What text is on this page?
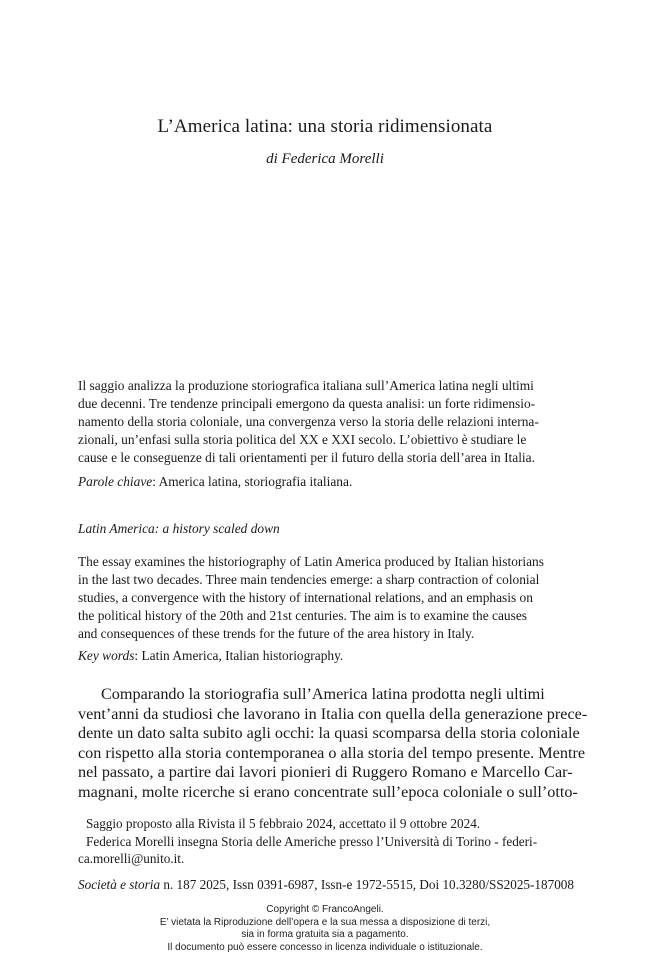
L’America latina: una storia ridimensionata
di Federica Morelli
Il saggio analizza la produzione storiografica italiana sull’America latina negli ultimi
due decenni. Tre tendenze principali emergono da questa analisi: un forte ridimensio-
namento della storia coloniale, una convergenza verso la storia delle relazioni interna-
zionali, un’enfasi sulla storia politica del XX e XXI secolo. L’obiettivo è studiare le
cause e le conseguenze di tali orientamenti per il futuro della storia dell’area in Italia.
Parole chiave: America latina, storiografia italiana.
Latin America: a history scaled down
The essay examines the historiography of Latin America produced by Italian historians
in the last two decades. Three main tendencies emerge: a sharp contraction of colonial
studies, a convergence with the history of international relations, and an emphasis on
the political history of the 20th and 21st centuries. The aim is to examine the causes
and consequences of these trends for the future of the area history in Italy.
Key words: Latin America, Italian historiography.
Comparando la storiografia sull’America latina prodotta negli ultimi
vent’anni da studiosi che lavorano in Italia con quella della generazione prece-
dente un dato salta subito agli occhi: la quasi scomparsa della storia coloniale
con rispetto alla storia contemporanea o alla storia del tempo presente. Mentre
nel passato, a partire dai lavori pionieri di Ruggero Romano e Marcello Car-
magnani, molte ricerche si erano concentrate sull’epoca coloniale o sull’otto-
Saggio proposto alla Rivista il 5 febbraio 2024, accettato il 9 ottobre 2024.
Federica Morelli insegna Storia delle Americhe presso l’Università di Torino - federi-
ca.morelli@unito.it.
Società e storia n. 187 2025, Issn 0391-6987, Issn-e 1972-5515, Doi 10.3280/SS2025-187008
Copyright © FrancoAngeli.
E’ vietata la Riproduzione dell’opera e la sua messa a disposizione di terzi,
sia in forma gratuita sia a pagamento.
Il documento può essere concesso in licenza individuale o istituzionale.
